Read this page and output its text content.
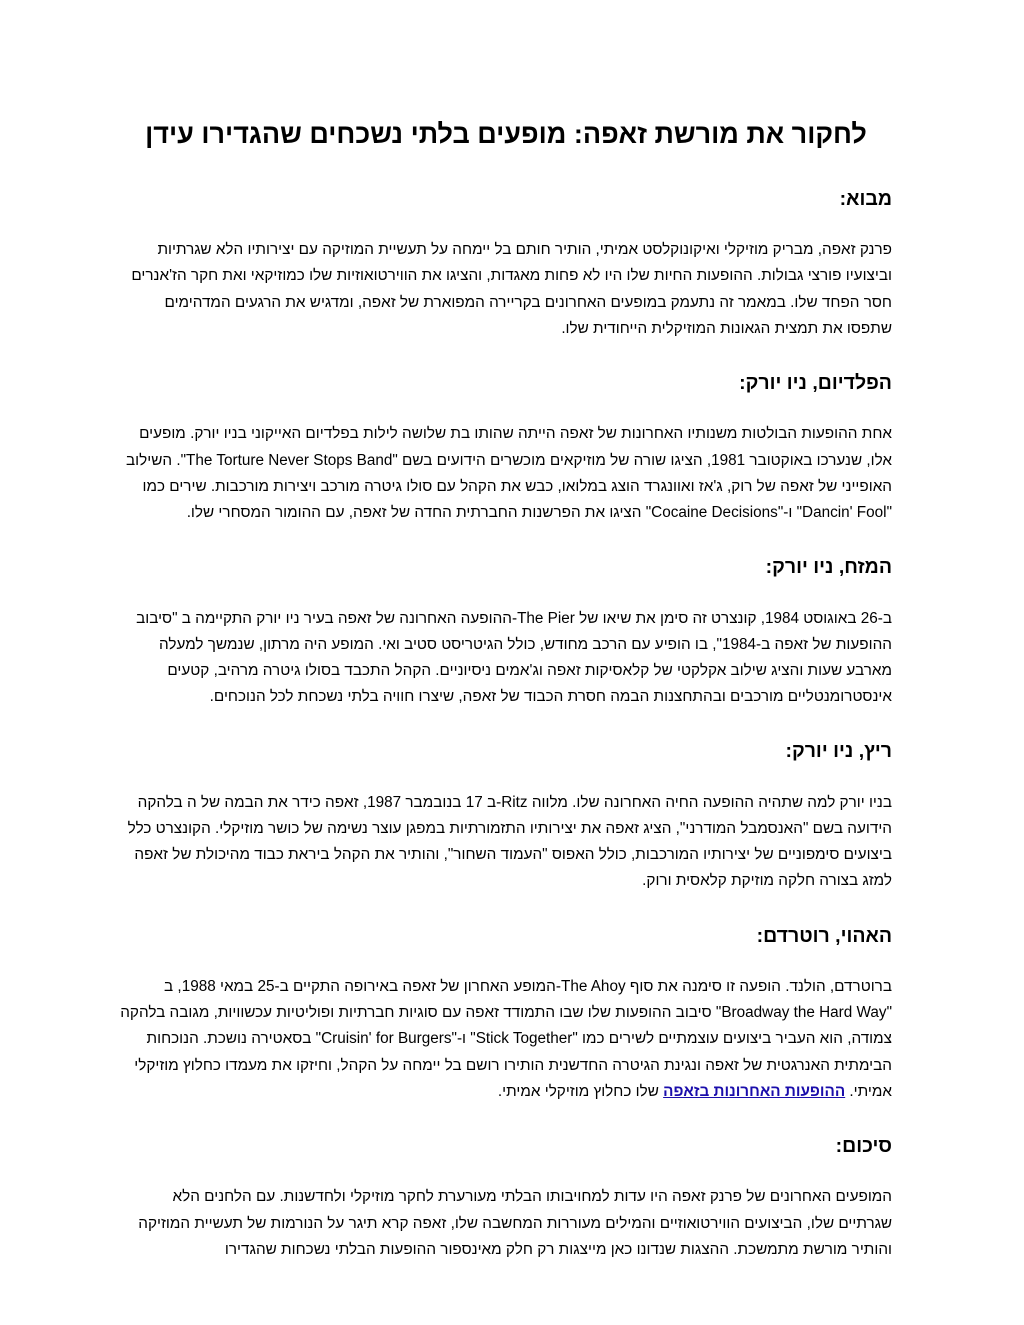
לחקור את מורשת זאפה: מופעים בלתי נשכחים שהגדירו עידן
מבוא:
פרנק זאפה, מבריק מוזיקלי ואיקונוקלסט אמיתי, הותיר חותם בל יימחה על תעשיית המוזיקה עם יצירותיו הלא שגרתיות וביצועיו פורצי גבולות. ההופעות החיות שלו היו לא פחות מאגדות, והציגו את הווירטואוזיות שלו כמוזיקאי ואת חקר הז'אנרים חסר הפחד שלו. במאמר זה נתעמק במופעים האחרונים בקריירה המפוארת של זאפה, ומדגיש את הרגעים המדהימים שתפסו את תמצית הגאונות המוזיקלית הייחודית שלו.
הפלדיום, ניו יורק:
אחת ההופעות הבולטות משנותיו האחרונות של זאפה הייתה שהותו בת שלושה לילות בפלדיום האייקוני בניו יורק. מופעים אלו, שנערכו באוקטובר 1981, הציגו שורה של מוזיקאים מוכשרים הידועים בשם "The Torture Never Stops Band". השילוב האופייני של זאפה של רוק, ג'אז ואוונגרד הוצג במלואו, כבש את הקהל עם סולו גיטרה מורכב ויצירות מורכבות. שירים כמו "Dancin' Fool" ו-"Cocaine Decisions" הציגו את הפרשנות החברתית החדה של זאפה, עם ההומור המסחרי שלו.
המזח, ניו יורק:
ב-26 באוגוסט 1984, קונצרט זה סימן את שיאו של The Pier-ההופעה האחרונה של זאפה בעיר ניו יורק התקיימה ב "סיבוב ההופעות של זאפה ב-1984", בו הופיע עם הרכב מחודש, כולל הגיטריסט סטיב ואי. המופע היה מרתון, שנמשך למעלה מארבע שעות והציג שילוב אקלקטי של קלאסיקות זאפה וג'אמים ניסיוניים. הקהל התכבד בסולו גיטרה מרהיב, קטעים אינסטרומנטליים מורכבים ובהתחצנות הבמה חסרת הכבוד של זאפה, שיצרו חוויה בלתי נשכחת לכל הנוכחים.
ריץ, ניו יורק:
בניו יורק למה שתהיה ההופעה החיה האחרונה שלו. מלווה Ritz-ב 17 בנובמבר 1987, זאפה כידר את הבמה של ה בלהקה הידועה בשם "האנסמבל המודרני", הציג זאפה את יצירותיו התזמורתיות במפגן עוצר נשימה של כושר מוזיקלי. הקונצרט כלל ביצועים סימפוניים של יצירותיו המורכבות, כולל האפוס "העמוד השחור", והותיר את הקהל ביראת כבוד מהיכולת של זאפה למזג בצורה חלקה מוזיקת קלאסית ורוק.
האהוי, רוטרדם:
ברוטרדם, הולנד. הופעה זו סימנה את סוף The Ahoy-המופע האחרון של זאפה באירופה התקיים ב-25 במאי 1988, ב "Broadway the Hard Way" סיבוב ההופעות שלו שבו התמודד זאפה עם סוגיות חברתיות ופוליטיות עכשוויות, מגובה בלהקה צמודה, הוא העביר ביצועים עוצמתיים לשירים כמו "Stick Together" ו-"Cruisin' for Burgers" בסאטירה נושכת. הנוכחות הבימתית האנרגטית של זאפה ונגינת הגיטרה החדשנית הותירו רושם בל יימחה על הקהל, וחיזקו את מעמדו כחלוץ מוזיקלי אמיתי. ההופעות האחרונות בזאפה שלו כחלוץ מוזיקלי אמיתי.
סיכום:
המופעים האחרונים של פרנק זאפה היו עדות למחויבותו הבלתי מעורערת לחקר מוזיקלי ולחדשנות. עם הלחנים הלא שגרתיים שלו, הביצועים הווירטואוזיים והמילים מעוררות המחשבה שלו, זאפה קרא תיגר על הנורמות של תעשיית המוזיקה והותיר מורשת מתמשכת. ההצגות שנדונו כאן מייצגות רק חלק מאינספור ההופעות הבלתי נשכחות שהגדירו
